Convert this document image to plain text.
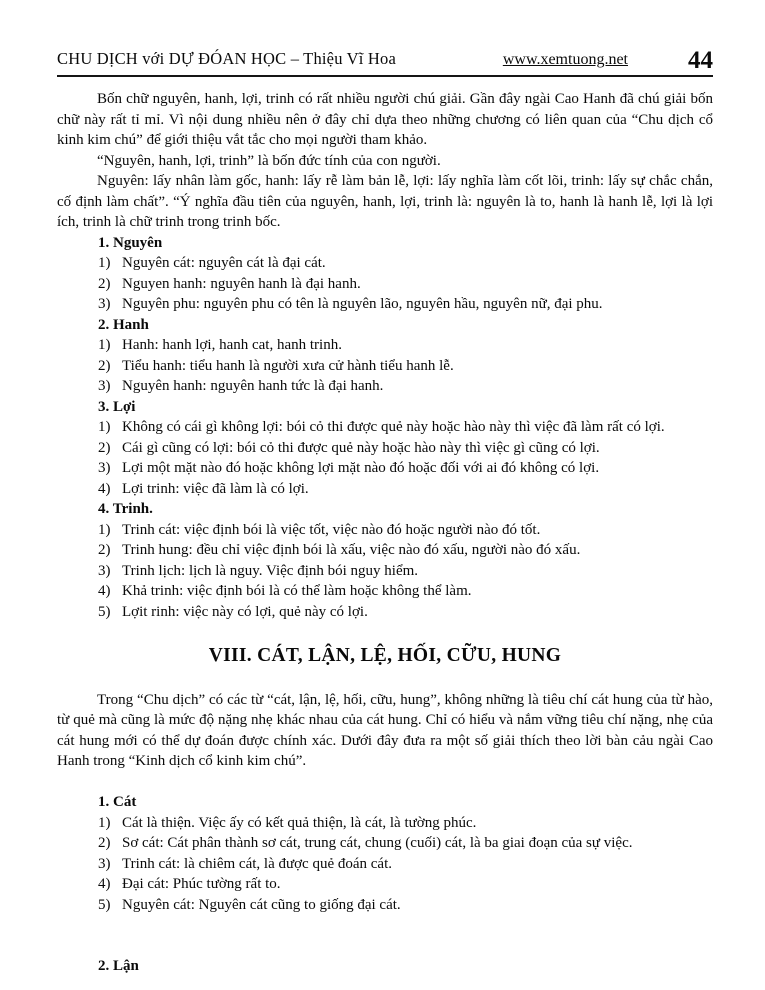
CHU DỊCH với DỰ ĐÓAN HỌC – Thiệu Vĩ Hoa	www.xemtuong.net 44

Bốn chữ nguyên, hanh, lợi, trinh có rất nhiều người chú giải. Gần đây ngài Cao Hanh đã chú giải bốn chữ này rất tỉ mỉ. Vì nội dung nhiều nên ở đây chỉ dựa theo những chương có liên quan của “Chu dịch cổ kinh kim chú” để giới thiệu vắt tắc cho mọi người tham khảo.

“Nguyên, hanh, lợi, trinh” là bốn đức tính của con người.

Nguyên: lấy nhân làm gốc, hanh: lấy rễ làm bản lễ, lợi: lấy nghĩa làm cốt lõi, trinh: lấy sự chắc chắn, cố định làm chất”. “Ý nghĩa đầu tiên của nguyên, hanh, lợi, trinh là: nguyên là to, hanh là hanh lễ, lợi là lợi ích, trinh là chữ trinh trong trinh bốc.

1. Nguyên
1) Nguyên cát: nguyên cát là đại cát.
2) Nguyen hanh: nguyên hanh là đại hanh.
3) Nguyên phu: nguyên phu có tên là nguyên lão, nguyên hầu, nguyên nữ, đại phu.
2. Hanh
1) Hanh: hanh lợi, hanh cat, hanh trinh.
2) Tiểu hanh: tiểu hanh là người xưa cử hành tiểu hanh lễ.
3) Nguyên hanh: nguyên hanh tức là đại hanh.
3. Lợi
1) Không có cái gì không lợi: bói cỏ thi được quẻ này hoặc hào này thì việc đã làm rất có lợi.
2) Cái gì cũng có lợi: bói cỏ thi được quẻ này hoặc hào này thì việc gì cũng có lợi.
3) Lợi một mặt nào đó hoặc không lợi mặt nào đó hoặc đối với ai đó không có lợi.
4) Lợi trinh: việc đã làm là có lợi.
4. Trinh.
1) Trinh cát: việc định bói là việc tốt, việc nào đó hoặc người nào đó tốt.
2) Trinh hung: đều chỉ việc định bói là xấu, việc nào đó xấu, người nào đó xấu.
3) Trinh lịch: lịch là nguy. Việc định bói nguy hiểm.
4) Khả trinh: việc định bói là có thể làm hoặc không thể làm.
5) Lợit rinh: việc này có lợi, quẻ này có lợi.
VIII. CÁT, LẬN, LỆ, HỐI, CỮU, HUNG

Trong “Chu dịch” có các từ “cát, lận, lệ, hối, cữu, hung”, không những là tiêu chí cát hung của từ hào, từ quẻ mà cũng là mức độ nặng nhẹ khác nhau của cát hung. Chỉ có hiểu và nắm vững tiêu chí nặng, nhẹ của cát hung mới có thể dự đoán được chính xác. Dưới đây đưa ra một số giải thích theo lời bàn cảu ngài Cao Hanh trong “Kinh dịch cổ kinh kim chú”.

1. Cát
1) Cát là thiện. Việc ấy có kết quả thiện, là cát, là tường phúc.
2) Sơ cát: Cát phân thành sơ cát, trung cát, chung (cuối) cát, là ba giai đoạn của sự việc.
3) Trinh cát: là chiêm cát, là được quẻ đoán cát.
4) Đại cát: Phúc tường rất to.
5) Nguyên cát: Nguyên cát cũng to giống đại cát.
2. Lận
